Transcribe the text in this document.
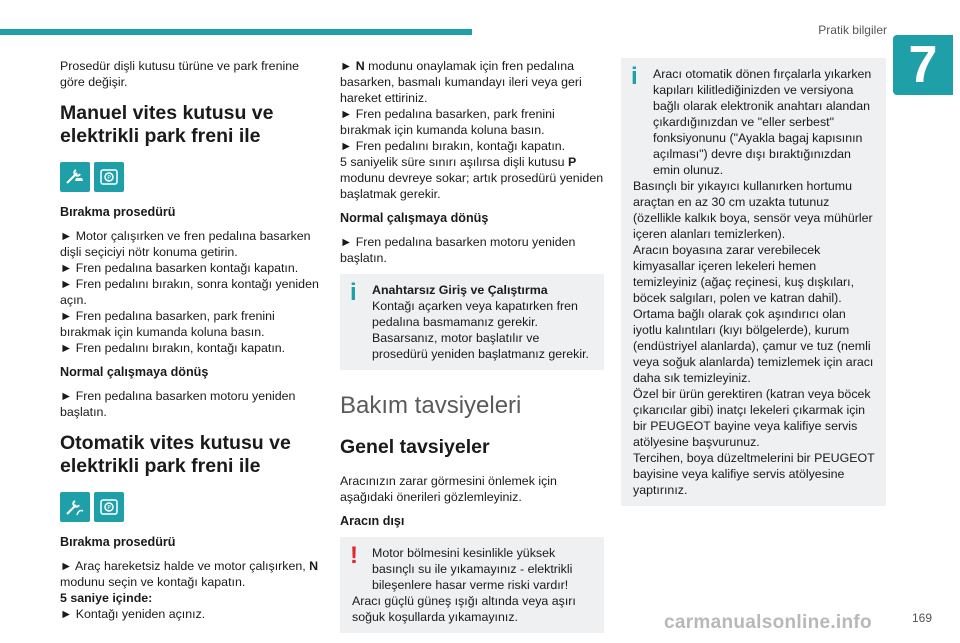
Pratik bilgiler
7

Prosedür dişli kutusu türüne ve park frenine göre değişir.

Manuel vites kutusu ve elektrikli park freni ile
P
Bırakma prosedürü

► Motor çalışırken ve fren pedalına basarken dişli seçiciyi nötr konuma getirin.
► Fren pedalına basarken kontağı kapatın.
► Fren pedalını bırakın, sonra kontağı yeniden açın.
► Fren pedalına basarken, park frenini bırakmak için kumanda koluna basın.
► Fren pedalını bırakın, kontağı kapatın.

Normal çalışmaya dönüş

► Fren pedalına basarken motoru yeniden başlatın.

Otomatik vites kutusu ve elektrikli park freni ile
P
Bırakma prosedürü

► Araç hareketsiz halde ve motor çalışırken, N modunu seçin ve kontağı kapatın.
5 saniye içinde:
► Kontağı yeniden açınız.

► N modunu onaylamak için fren pedalına basarken, basmalı kumandayı ileri veya geri hareket ettiriniz.
► Fren pedalına basarken, park frenini bırakmak için kumanda koluna basın.
► Fren pedalını bırakın, kontağı kapatın.
5 saniyelik süre sınırı aşılırsa dişli kutusu P modunu devreye sokar; artık prosedürü yeniden başlatmak gerekir.

Normal çalışmaya dönüş

► Fren pedalına basarken motoru yeniden başlatın.

i	Anahtarsız Giriş ve Çalıştırma
Kontağı açarken veya kapatırken fren pedalına basmamanız gerekir. Basarsanız, motor başlatılır ve prosedürü yeniden başlatmanız gerekir.
Bakım tavsiyeleri
Genel tavsiyeler

Aracınızın zarar görmesini önlemek için aşağıdaki önerileri gözlemleyiniz.

Aracın dışı
!	Motor bölmesini kesinlikle yüksek basınçlı su ile yıkamayınız - elektrikli bileşenlere hasar verme riski vardır!
Aracı güçlü güneş ışığı altında veya aşırı soğuk koşullarda yıkamayınız.
i	Aracı otomatik dönen fırçalarla yıkarken kapıları kilitlediğinizden ve versiyona bağlı olarak elektronik anahtarı alandan çıkardığınızdan ve "eller serbest" fonksiyonunu ("Ayakla bagaj kapısının açılması") devre dışı bıraktığınızdan emin olunuz.
Basınçlı bir yıkayıcı kullanırken hortumu araçtan en az 30 cm uzakta tutunuz (özellikle kalkık boya, sensör veya mühürler içeren alanları temizlerken).
Aracın boyasına zarar verebilecek kimyasallar içeren lekeleri hemen temizleyiniz (ağaç reçinesi, kuş dışkıları, böcek salgıları, polen ve katran dahil).
Ortama bağlı olarak çok aşındırıcı olan iyotlu kalıntıları (kıyı bölgelerde), kurum (endüstriyel alanlarda), çamur ve tuz (nemli veya soğuk alanlarda) temizlemek için aracı daha sık temizleyiniz.
Özel bir ürün gerektiren (katran veya böcek çıkarıcılar gibi) inatçı lekeleri çıkarmak için bir PEUGEOT bayine veya kalifiye servis atölyesine başvurunuz.
Tercihen, boya düzeltmelerini bir PEUGEOT bayisine veya kalifiye servis atölyesine yaptırınız.
carmanualsonline.info	169
